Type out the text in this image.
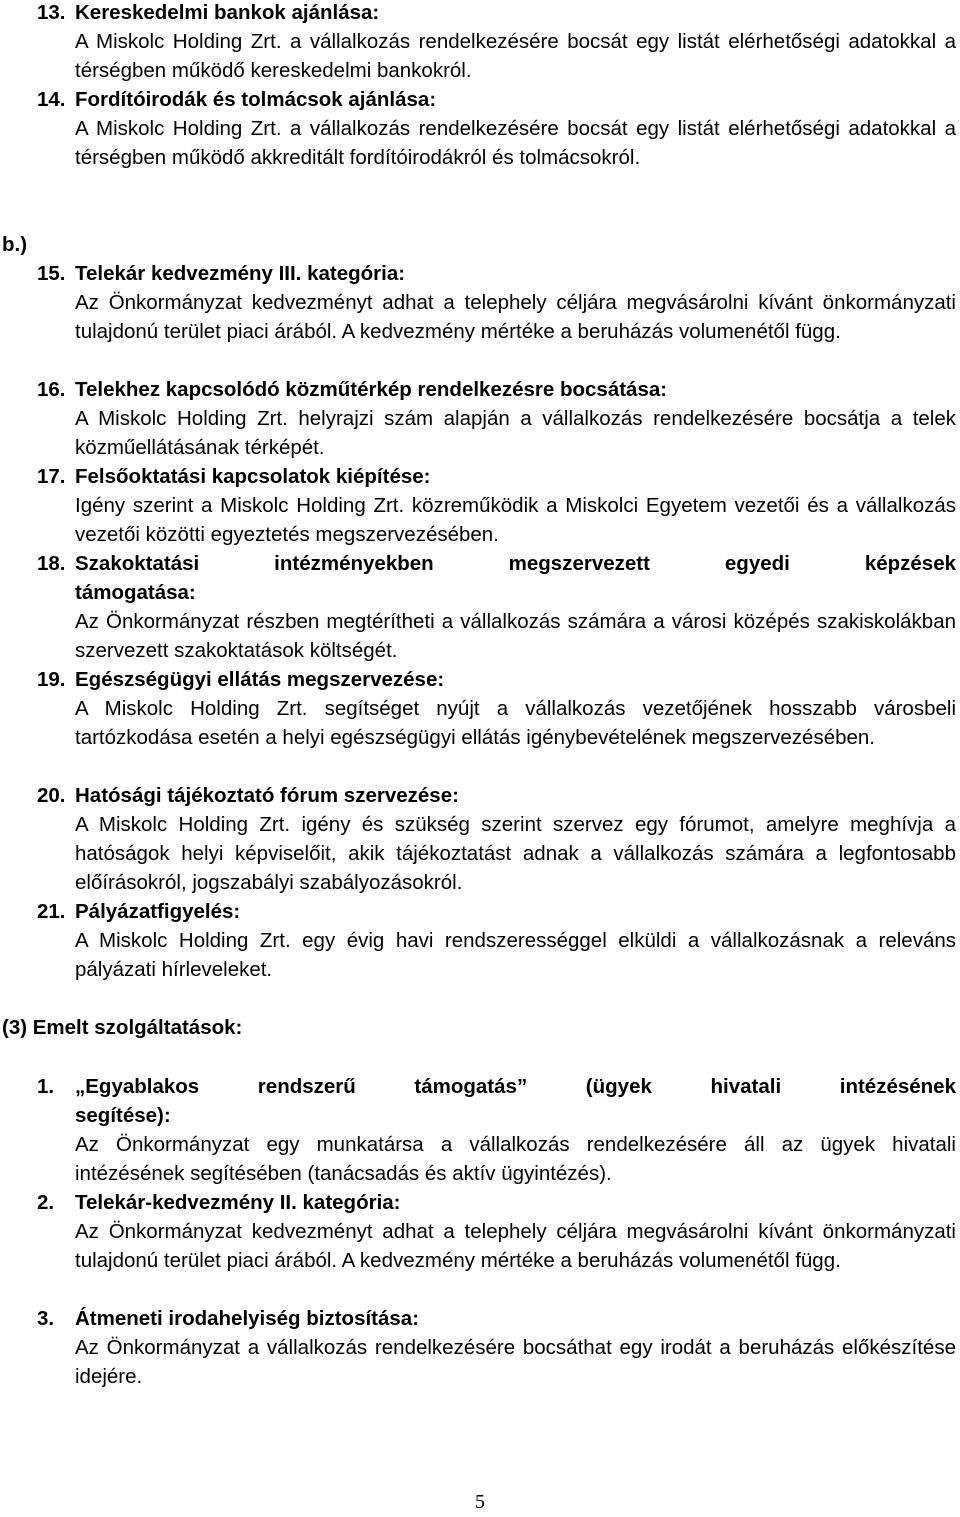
13. Kereskedelmi bankok ajánlása:
A Miskolc Holding Zrt. a vállalkozás rendelkezésére bocsát egy listát elérhetőségi adatokkal a térségben működő kereskedelmi bankokról.
14. Fordítóirodák és tolmácsok ajánlása:
A Miskolc Holding Zrt. a vállalkozás rendelkezésére bocsát egy listát elérhetőségi adatokkal a térségben működő akkreditált fordítóirodákról és tolmácsokról.
b.)
15. Telekár kedvezmény III. kategória:
Az Önkormányzat kedvezményt adhat a telephely céljára megvásárolni kívánt önkormányzati tulajdonú terület piaci árából. A kedvezmény mértéke a beruházás volumenétől függ.
16. Telekhez kapcsolódó közműtérkép rendelkezésre bocsátása:
A Miskolc Holding Zrt. helyrajzi szám alapján a vállalkozás rendelkezésére bocsátja a telek közműellátásának térképét.
17. Felsőoktatási kapcsolatok kiépítése:
Igény szerint a Miskolc Holding Zrt. közreműködik a Miskolci Egyetem vezetői és a vállalkozás vezetői közötti egyeztetés megszervezésében.
18. Szakoktatási intézményekben megszervezett egyedi képzések
támogatása:
Az Önkormányzat részben megtérítheti a vállalkozás számára a városi középés szakiskolákban szervezett szakoktatások költségét.
19. Egészségügyi ellátás megszervezése:
A Miskolc Holding Zrt. segítséget nyújt a vállalkozás vezetőjének hosszabb városbeli tartózkodása esetén a helyi egészségügyi ellátás igénybevételének megszervezésében.
20. Hatósági tájékoztató fórum szervezése:
A Miskolc Holding Zrt. igény és szükség szerint szervez egy fórumot, amelyre meghívja a hatóságok helyi képviselőit, akik tájékoztatást adnak a vállalkozás számára a legfontosabb előírásokról, jogszabályi szabályozásokról.
21. Pályázatfigyelés:
A Miskolc Holding Zrt. egy évig havi rendszerességgel elküldi a vállalkozásnak a releváns pályázati hírleveleket.
(3) Emelt szolgáltatások:
1. „Egyablakos rendszerű támogatás” (ügyek hivatali intézésének
segítése):
Az Önkormányzat egy munkatársa a vállalkozás rendelkezésére áll az ügyek hivatali intézésének segítésében (tanácsadás és aktív ügyintézés).
2. Telekár-kedvezmény II. kategória:
Az Önkormányzat kedvezményt adhat a telephely céljára megvásárolni kívánt önkormányzati tulajdonú terület piaci árából. A kedvezmény mértéke a beruházás volumenétől függ.
3. Átmeneti irodahelyiség biztosítása:
Az Önkormányzat a vállalkozás rendelkezésére bocsáthat egy irodát a beruházás előkészítése idejére.
5
